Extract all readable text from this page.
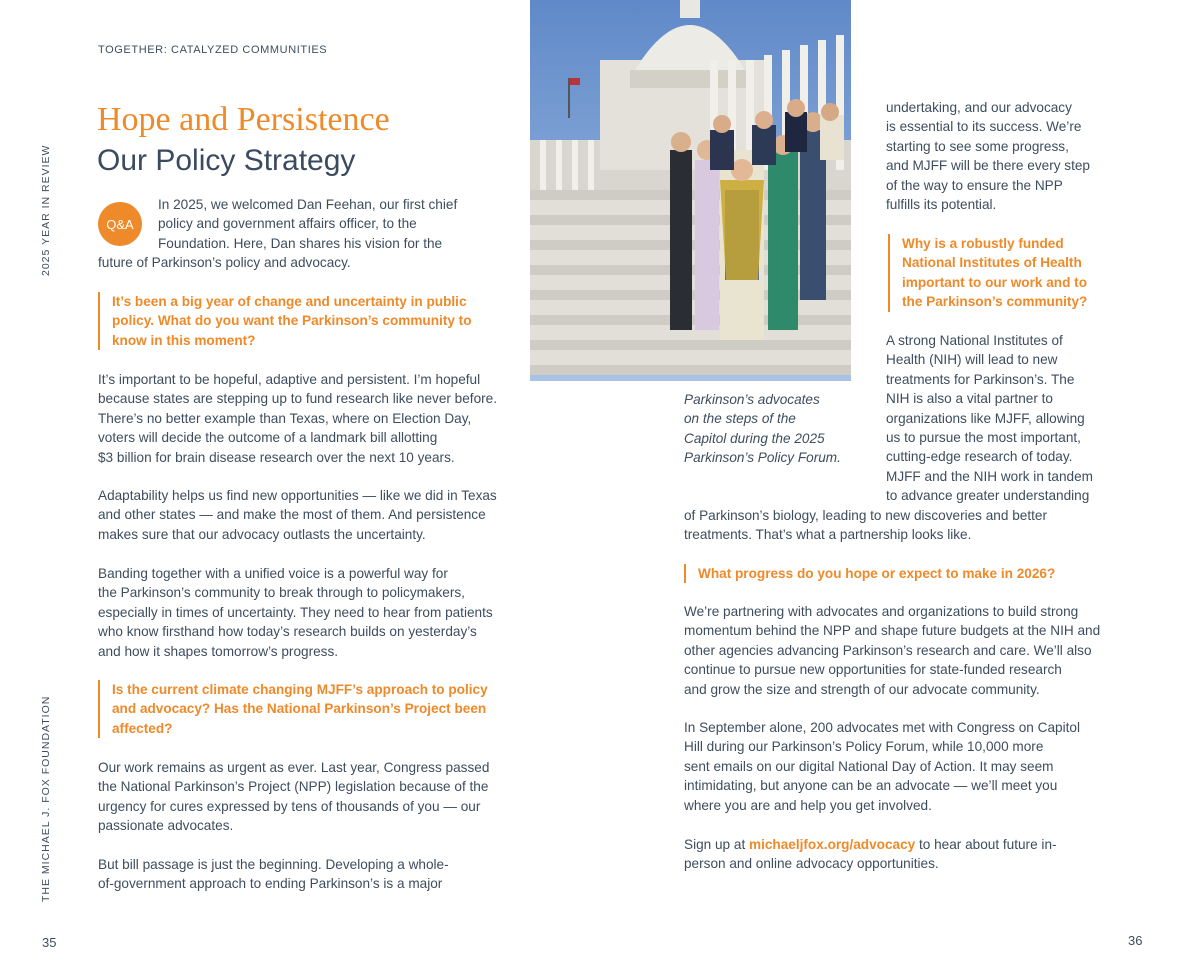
TOGETHER: CATALYZED COMMUNITIES
2025 YEAR IN REVIEW
THE MICHAEL J. FOX FOUNDATION
Hope and Persistence
Our Policy Strategy
Q&A
In 2025, we welcomed Dan Feehan, our first chief
policy and government affairs officer, to the
Foundation. Here, Dan shares his vision for the
future of Parkinson’s policy and advocacy.
It’s been a big year of change and uncertainty in public
policy. What do you want the Parkinson’s community to
know in this moment?
It’s important to be hopeful, adaptive and persistent. I’m hopeful
because states are stepping up to fund research like never before.
There’s no better example than Texas, where on Election Day,
voters will decide the outcome of a landmark bill allotting
$3 billion for brain disease research over the next 10 years.
Adaptability helps us find new opportunities — like we did in Texas
and other states — and make the most of them. And persistence
makes sure that our advocacy outlasts the uncertainty.
Banding together with a unified voice is a powerful way for
the Parkinson’s community to break through to policymakers,
especially in times of uncertainty. They need to hear from patients
who know firsthand how today’s research builds on yesterday’s
and how it shapes tomorrow’s progress.
Is the current climate changing MJFF’s approach to policy
and advocacy? Has the National Parkinson’s Project been
affected?
Our work remains as urgent as ever. Last year, Congress passed
the National Parkinson’s Project (NPP) legislation because of the
urgency for cures expressed by tens of thousands of you — our
passionate advocates.
But bill passage is just the beginning. Developing a whole-
of-government approach to ending Parkinson’s is a major
35
Parkinson’s advocates
on the steps of the
Capitol during the 2025
Parkinson’s Policy Forum.
undertaking, and our advocacy
is essential to its success. We’re
starting to see some progress,
and MJFF will be there every step
of the way to ensure the NPP
fulfills its potential.
Why is a robustly funded
National Institutes of Health
important to our work and to
the Parkinson’s community?
A strong National Institutes of
Health (NIH) will lead to new
treatments for Parkinson’s. The
NIH is also a vital partner to
organizations like MJFF, allowing
us to pursue the most important,
cutting-edge research of today.
MJFF and the NIH work in tandem
to advance greater understanding
of Parkinson’s biology, leading to new discoveries and better
treatments. That’s what a partnership looks like.
What progress do you hope or expect to make in 2026?
We’re partnering with advocates and organizations to build strong
momentum behind the NPP and shape future budgets at the NIH and
other agencies advancing Parkinson’s research and care. We’ll also
continue to pursue new opportunities for state-funded research
and grow the size and strength of our advocate community.
In September alone, 200 advocates met with Congress on Capitol
Hill during our Parkinson’s Policy Forum, while 10,000 more
sent emails on our digital National Day of Action. It may seem
intimidating, but anyone can be an advocate — we’ll meet you
where you are and help you get involved.
Sign up at michaeljfox.org/advocacy to hear about future in-
person and online advocacy opportunities.
36
